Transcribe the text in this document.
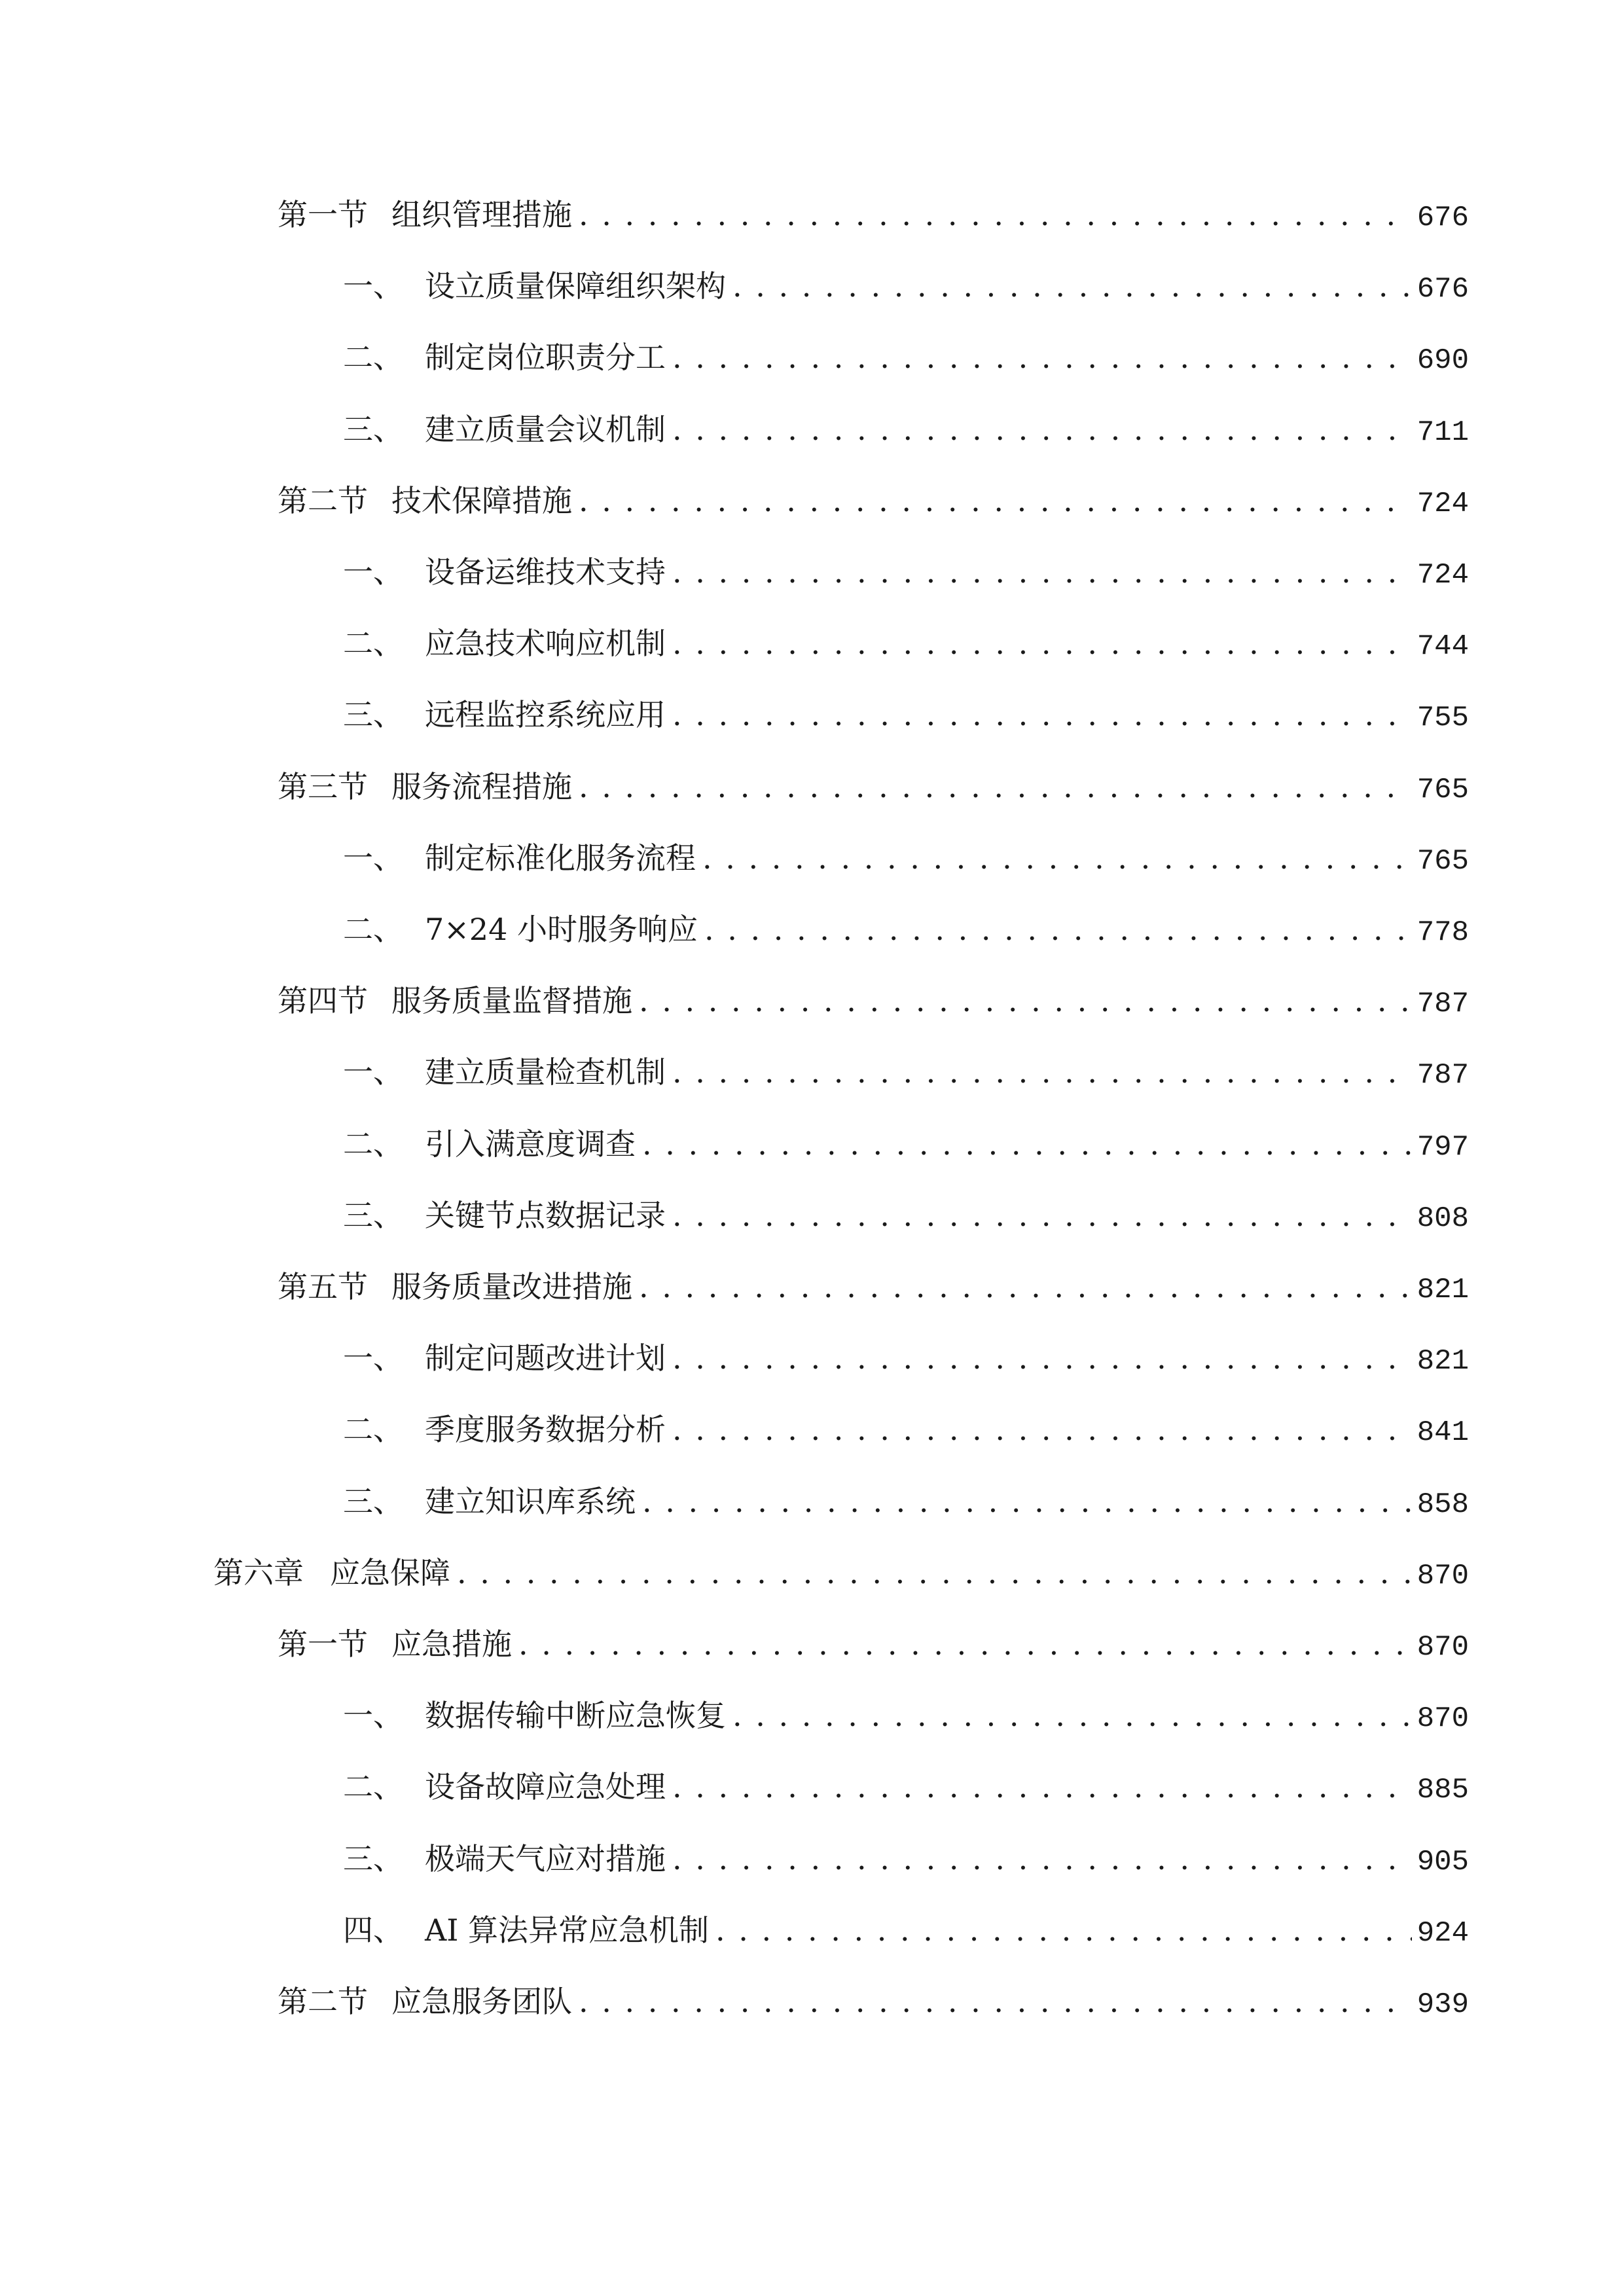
第一节 组织管理措施 . . .	676
一、 设立质量保障组织架构 . . .	676
二、 制定岗位职责分工 . . .	690
三、 建立质量会议机制 . . .	711
第二节 技术保障措施 . . .	724
一、 设备运维技术支持 . . .	724
二、 应急技术响应机制 . . .	744
三、 远程监控系统应用 . . .	755
第三节 服务流程措施 . . .	765
一、 制定标准化服务流程 . . .	765
二、 7×24 小时服务响应 . . .	778
第四节 服务质量监督措施 . . .	787
一、 建立质量检查机制 . . .	787
二、 引入满意度调查 . . .	797
三、 关键节点数据记录 . . .	808
第五节 服务质量改进措施 . . .	821
一、 制定问题改进计划 . . .	821
二、 季度服务数据分析 . . .	841
三、 建立知识库系统 . . .	858
第六章 应急保障 . . .	870
第一节 应急措施 . . .	870
一、 数据传输中断应急恢复 . . .	870
二、 设备故障应急处理 . . .	885
三、 极端天气应对措施 . . .	905
四、 AI 算法异常应急机制 . . .	924
第二节 应急服务团队 . . .	939
